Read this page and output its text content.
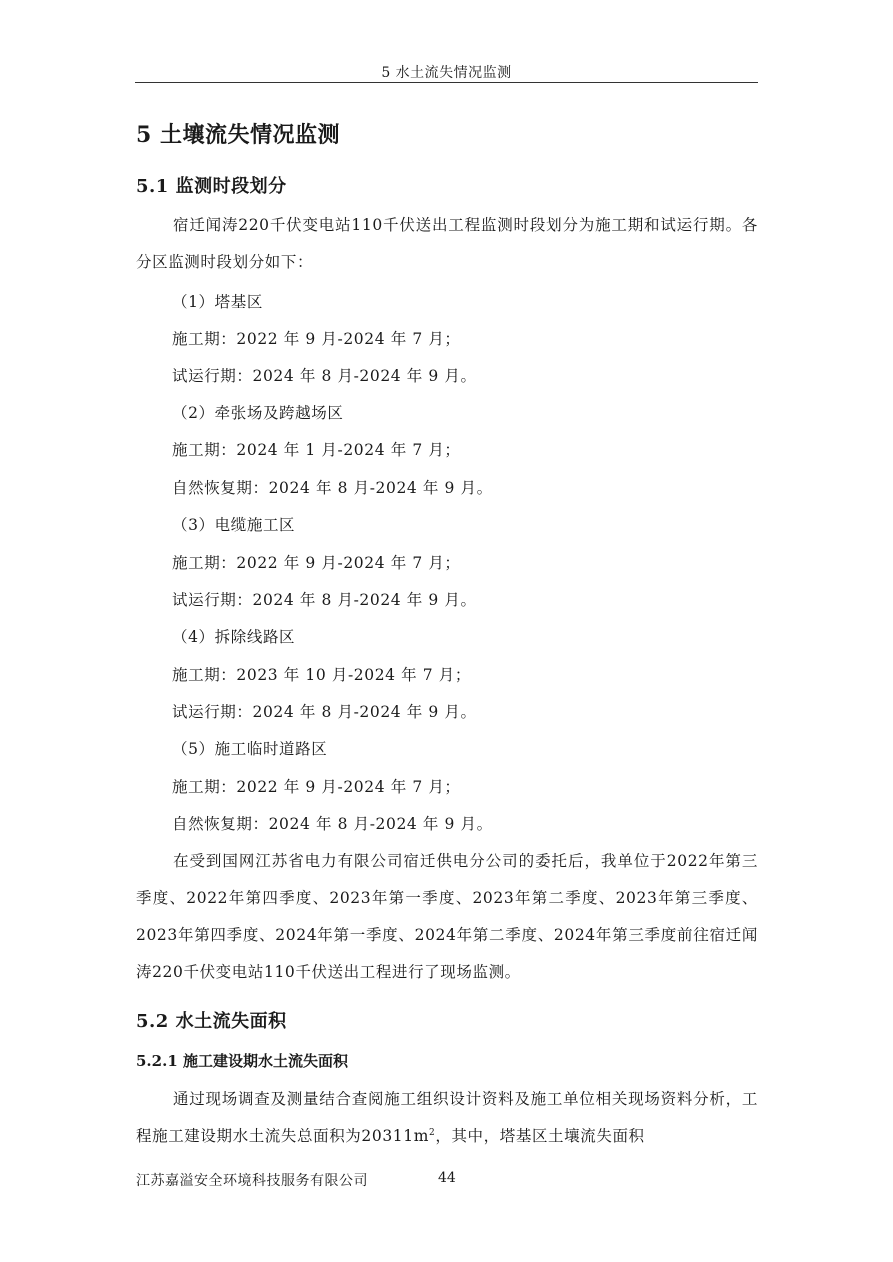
5 水土流失情况监测
5 土壤流失情况监测
5.1 监测时段划分

宿迁闻涛220千伏变电站110千伏送出工程监测时段划分为施工期和试运行期。各分区监测时段划分如下：

（1）塔基区
施工期：2022 年 9 月-2024 年 7 月；
试运行期：2024 年 8 月-2024 年 9 月。
（2）牵张场及跨越场区
施工期：2024 年 1 月-2024 年 7 月；
自然恢复期：2024 年 8 月-2024 年 9 月。
（3）电缆施工区
施工期：2022 年 9 月-2024 年 7 月；
试运行期：2024 年 8 月-2024 年 9 月。
（4）拆除线路区
施工期：2023 年 10 月-2024 年 7 月；
试运行期：2024 年 8 月-2024 年 9 月。
（5）施工临时道路区
施工期：2022 年 9 月-2024 年 7 月；
自然恢复期：2024 年 8 月-2024 年 9 月。

在受到国网江苏省电力有限公司宿迁供电分公司的委托后，我单位于2022年第三季度、2022年第四季度、2023年第一季度、2023年第二季度、2023年第三季度、2023年第四季度、2024年第一季度、2024年第二季度、2024年第三季度前往宿迁闻涛220千伏变电站110千伏送出工程进行了现场监测。

5.2 水土流失面积
5.2.1 施工建设期水土流失面积

通过现场调查及测量结合查阅施工组织设计资料及施工单位相关现场资料分析，工程施工建设期水土流失总面积为$20311m^2$，其中，塔基区土壤流失面积

江苏嘉溢安全环境科技服务有限公司	44
